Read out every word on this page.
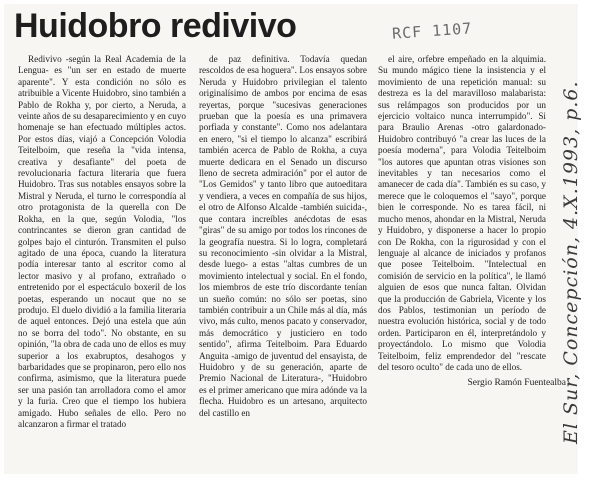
Huidobro redivivo	RCF 1107

Redivivo -según la Real Academia de la Lengua- es "un ser en estado de muerte aparente". Y esta condición no sólo es atribuible a Vicente Huidobro, sino también a Pablo de Rokha y, por cierto, a Neruda, a veinte años de su desaparecimiento y en cuyo homenaje se han efectuado múltiples actos. Por estos días, viajó a Concepción Volodia Teitelboim, que reseña la "vida intensa, creativa y desafiante" del poeta de revolucionaria factura literaria que fuera Huidobro. Tras sus notables ensayos sobre la Mistral y Neruda, el turno le correspondía al otro protagonista de la querella con De Rokha, en la que, según Volodia, "los contrincantes se dieron gran cantidad de golpes bajo el cinturón. Transmiten el pulso agitado de una época, cuando la literatura podía interesar tanto al escritor como al lector masivo y al profano, extrañado o entretenido por el espectáculo boxeril de los poetas, esperando un nocaut que no se produjo. El duelo dividió a la familia literaria de aquel entonces. Dejó una estela que aún no se borra del todo". No obstante, en su opinión, "la obra de cada uno de ellos es muy superior a los exabruptos, desahogos y barbaridades que se propinaron, pero ello nos confirma, asimismo, que la literatura puede ser una pasión tan arrolladora como el amor y la furia. Creo que el tiempo los hubiera amigado. Hubo señales de ello. Pero no alcanzaron a firmar el tratado

de paz definitiva. Todavía quedan rescoldos de esa hoguera". Los ensayos sobre Neruda y Huidobro privilegian el talento originalísimo de ambos por encima de esas reyertas, porque "sucesivas generaciones prueban que la poesía es una primavera porfiada y constante". Como nos adelantara en enero, "si el tiempo lo alcanza" escribirá también acerca de Pablo de Rokha, a cuya muerte dedicara en el Senado un discurso lleno de secreta admiración" por el autor de "Los Gemidos" y tanto libro que autoeditara y vendiera, a veces en compañía de sus hijos, el otro de Alfonso Alcalde -también suicida-, que contara increíbles anécdotas de esas "giras" de su amigo por todos los rincones de la geografía nuestra. Si lo logra, completará su reconocimiento -sin olvidar a la Mistral, desde luego- a estas "altas cumbres de un movimiento intelectual y social. En el fondo, los miembros de este trío discordante tenían un sueño común: no sólo ser poetas, sino también contribuir a un Chile más al día, más vivo, más culto, menos pacato y conservador, más democrático y justiciero en todo sentido", afirma Teitelboim. Para Eduardo Anguita -amigo de juventud del ensayista, de Huidobro y de su generación, aparte de Premio Nacional de Literatura-, "Huidobro es el primer americano que mira adónde va la flecha. Huidobro es un artesano, arquitecto del castillo en

el aire, orfebre empeñado en la alquimia. Su mundo mágico tiene la insistencia y el movimiento de una repetición manual: su destreza es la del maravilloso malabarista: sus relámpagos son producidos por un ejercicio voltaico nunca interrumpido". Si para Braulio Arenas -otro galardonado- Huidobro contribuyó "a crear las luces de la poesía moderna", para Volodia Teitelboim "los autores que apuntan otras visiones son inevitables y tan necesarios como el amanecer de cada día". También es su caso, y merece que le coloquemos el "sayo", porque bien le corresponde. No es tarea fácil, ni mucho menos, ahondar en la Mistral, Neruda y Huidobro, y disponerse a hacer lo propio con De Rokha, con la rigurosidad y con el lenguaje al alcance de iniciados y profanos que posee Teitelboim. "Intelectual en comisión de servicio en la política", le llamó alguien de esos que nunca faltan. Olvidan que la producción de Gabriela, Vicente y los dos Pablos, testimonian un período de nuestra evolución histórica, social y de todo orden. Participaron en él, interpretándolo y proyectándolo. Lo mismo que Volodia Teitelboim, feliz emprendedor del "rescate del tesoro oculto" de cada uno de ellos.

Sergio Ramón Fuentealba

El Sur, Concepción, 4.X.1993, p.6.
